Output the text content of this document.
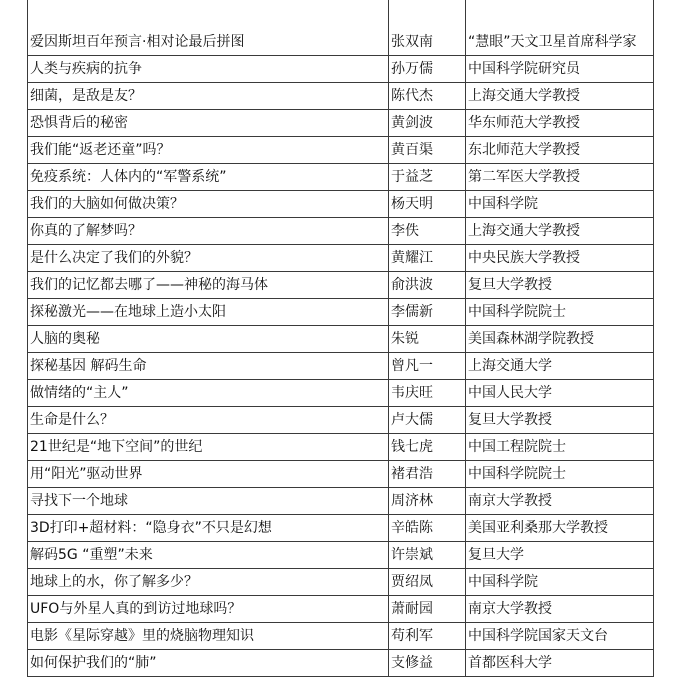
爱因斯坦百年预言·相对论最后拼图	张双南	“慧眼”天文卫星首席科学家
人类与疾病的抗争	孙万儒	中国科学院研究员
细菌，是敌是友？	陈代杰	上海交通大学教授
恐惧背后的秘密	黄剑波	华东师范大学教授
我们能“返老还童”吗？	黄百渠	东北师范大学教授
免疫系统：人体内的“军警系统”	于益芝	第二军医大学教授
我们的大脑如何做决策？	杨天明	中国科学院
你真的了解梦吗？	李佚	上海交通大学教授
是什么决定了我们的外貌？	黄耀江	中央民族大学教授
我们的记忆都去哪了——神秘的海马体	俞洪波	复旦大学教授
探秘激光——在地球上造小太阳	李儒新	中国科学院院士
人脑的奥秘	朱锐	美国森林湖学院教授
探秘基因 解码生命	曾凡一	上海交通大学
做情绪的“主人”	韦庆旺	中国人民大学
生命是什么？	卢大儒	复旦大学教授
21世纪是“地下空间”的世纪	钱七虎	中国工程院院士
用“阳光”驱动世界	褚君浩	中国科学院院士
寻找下一个地球	周济林	南京大学教授
3D打印+超材料：“隐身衣”不只是幻想	辛皓陈	美国亚利桑那大学教授
解码5G “重塑”未来	许崇斌	复旦大学
地球上的水，你了解多少？	贾绍凤	中国科学院
UFO与外星人真的到访过地球吗？	萧耐园	南京大学教授
电影《星际穿越》里的烧脑物理知识	苟利军	中国科学院国家天文台
如何保护我们的“肺”	支修益	首都医科大学
